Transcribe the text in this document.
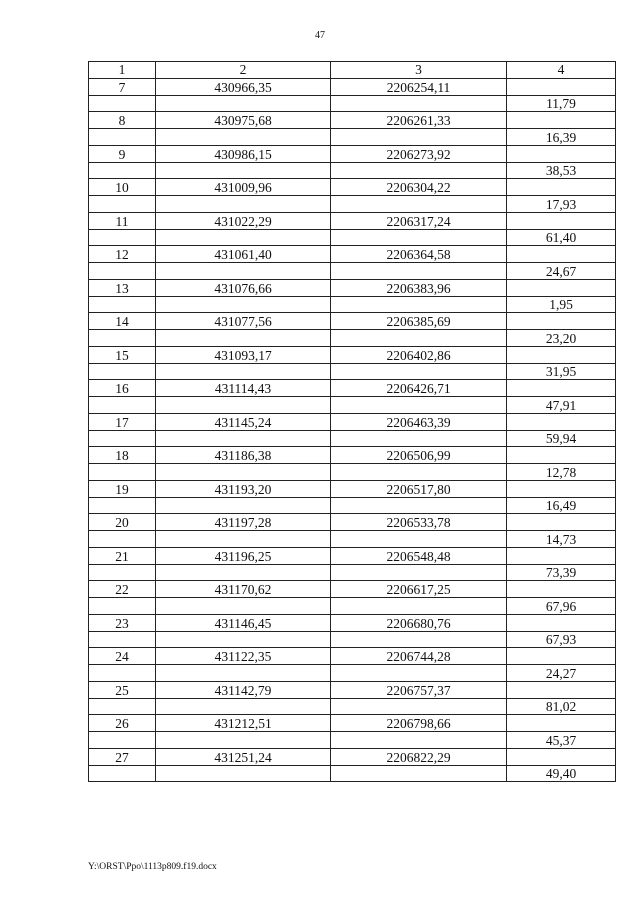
47
1	2	3	4
7	430966,35	2206254,11	
			11,79
8	430975,68	2206261,33	
			16,39
9	430986,15	2206273,92	
			38,53
10	431009,96	2206304,22	
			17,93
11	431022,29	2206317,24	
			61,40
12	431061,40	2206364,58	
			24,67
13	431076,66	2206383,96	
			1,95
14	431077,56	2206385,69	
			23,20
15	431093,17	2206402,86	
			31,95
16	431114,43	2206426,71	
			47,91
17	431145,24	2206463,39	
			59,94
18	431186,38	2206506,99	
			12,78
19	431193,20	2206517,80	
			16,49
20	431197,28	2206533,78	
			14,73
21	431196,25	2206548,48	
			73,39
22	431170,62	2206617,25	
			67,96
23	431146,45	2206680,76	
			67,93
24	431122,35	2206744,28	
			24,27
25	431142,79	2206757,37	
			81,02
26	431212,51	2206798,66	
			45,37
27	431251,24	2206822,29	
			49,40
Y:\ORST\Ppo\1113p809.f19.docx
